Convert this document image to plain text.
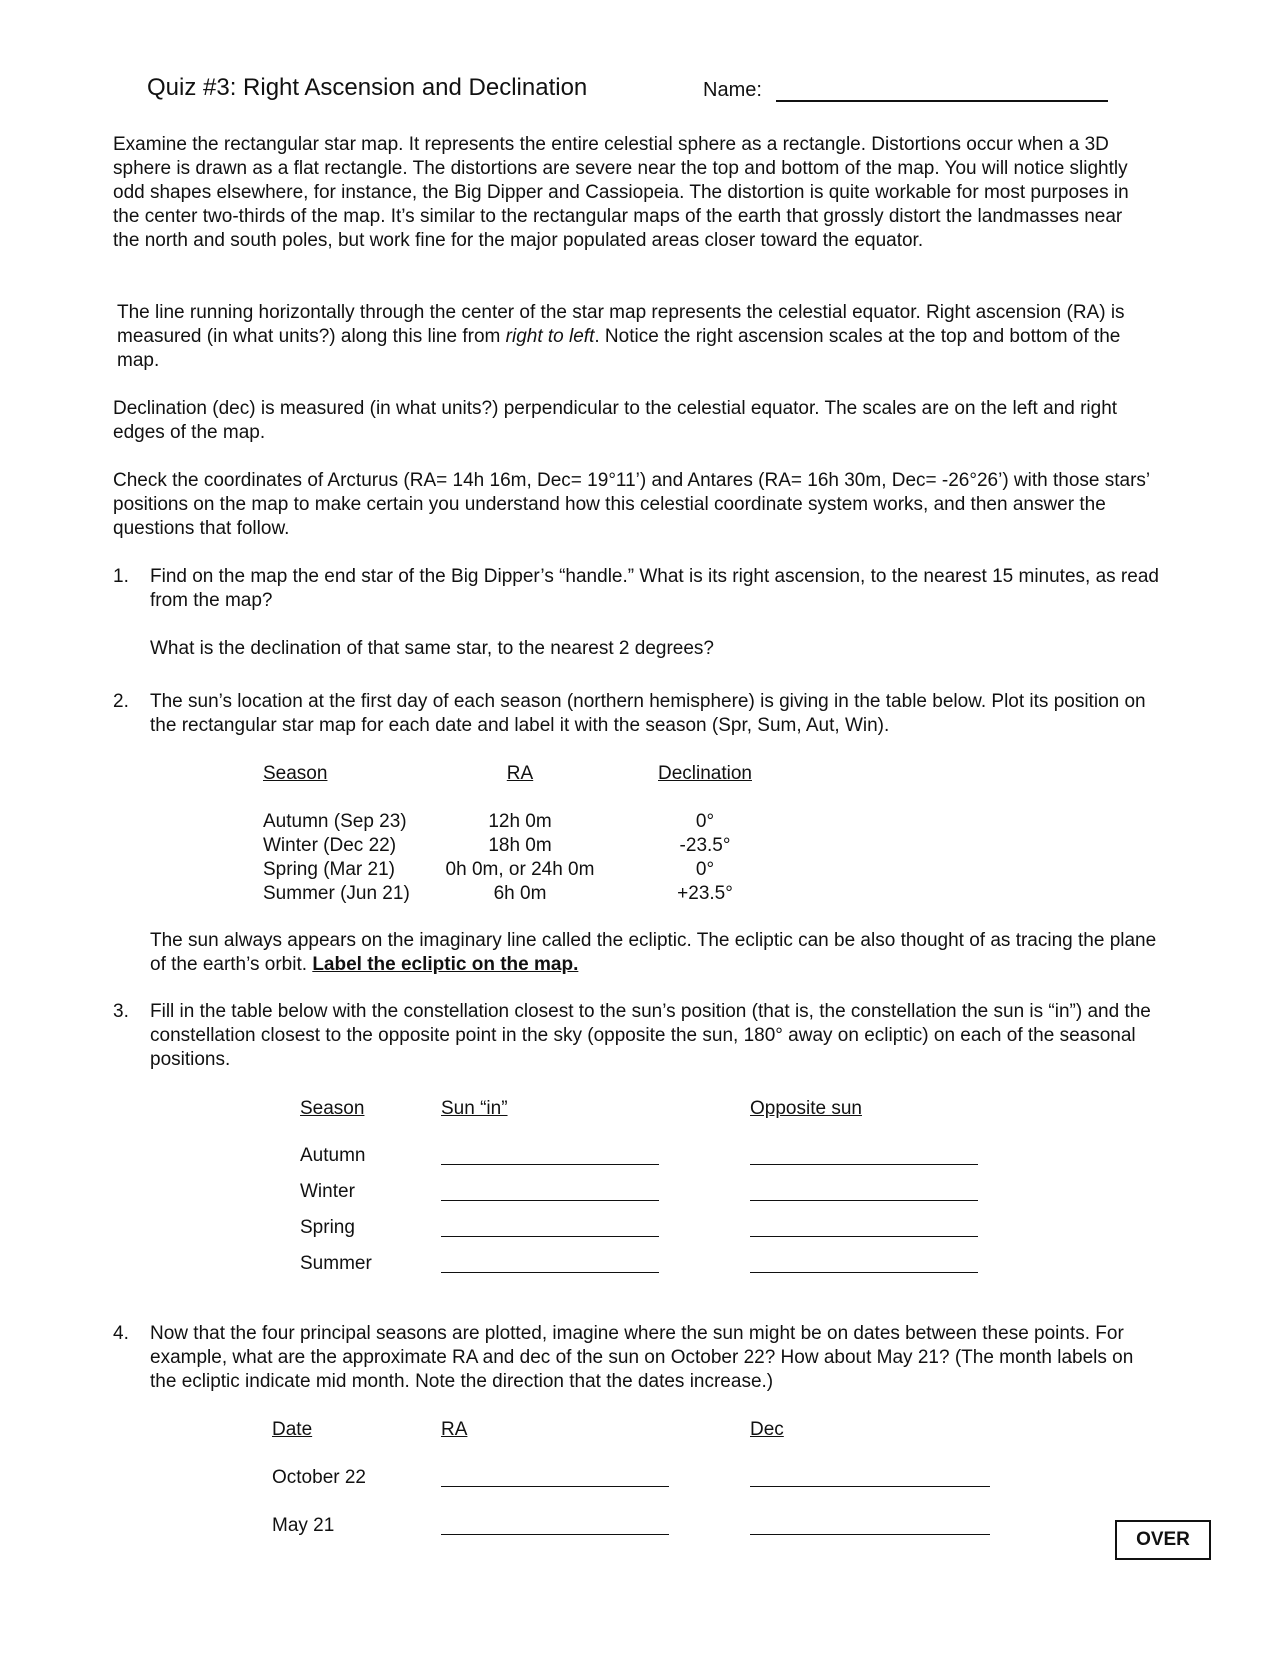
Quiz #3: Right Ascension and Declination	Name:

Examine the rectangular star map. It represents the entire celestial sphere as a rectangle. Distortions occur when a 3D sphere is drawn as a flat rectangle. The distortions are severe near the top and bottom of the map. You will notice slightly odd shapes elsewhere, for instance, the Big Dipper and Cassiopeia. The distortion is quite workable for most purposes in the center two-thirds of the map. It’s similar to the rectangular maps of the earth that grossly distort the landmasses near the north and south poles, but work fine for the major populated areas closer toward the equator.

The line running horizontally through the center of the star map represents the celestial equator. Right ascension (RA) is measured (in what units?) along this line from right to left. Notice the right ascension scales at the top and bottom of the map.

Declination (dec) is measured (in what units?) perpendicular to the celestial equator. The scales are on the left and right edges of the map.

Check the coordinates of Arcturus (RA= 14h 16m, Dec= 19°11’) and Antares (RA= 16h 30m, Dec= -26°26’) with those stars’ positions on the map to make certain you understand how this celestial coordinate system works, and then answer the questions that follow.

1. Find on the map the end star of the Big Dipper’s “handle.” What is its right ascension, to the nearest 15 minutes, as read from the map?
What is the declination of that same star, to the nearest 2 degrees?
2. The sun’s location at the first day of each season (northern hemisphere) is giving in the table below. Plot its position on the rectangular star map for each date and label it with the season (Spr, Sum, Aut, Win).
Season	RA	Declination
Autumn (Sep 23)	12h 0m	0°
Winter (Dec 22)	18h 0m	-23.5°
Spring (Mar 21)	0h 0m, or 24h 0m	0°
Summer (Jun 21)	6h 0m	+23.5°
The sun always appears on the imaginary line called the ecliptic. The ecliptic can be also thought of as tracing the plane of the earth’s orbit. Label the ecliptic on the map.
3. Fill in the table below with the constellation closest to the sun’s position (that is, the constellation the sun is “in”) and the constellation closest to the opposite point in the sky (opposite the sun, 180° away on ecliptic) on each of the seasonal positions.
Season	Sun “in”	Opposite sun
Autumn
Winter
Spring
Summer
4. Now that the four principal seasons are plotted, imagine where the sun might be on dates between these points. For example, what are the approximate RA and dec of the sun on October 22? How about May 21? (The month labels on the ecliptic indicate mid month. Note the direction that the dates increase.)
Date	RA	Dec
October 22
May 21
OVER
